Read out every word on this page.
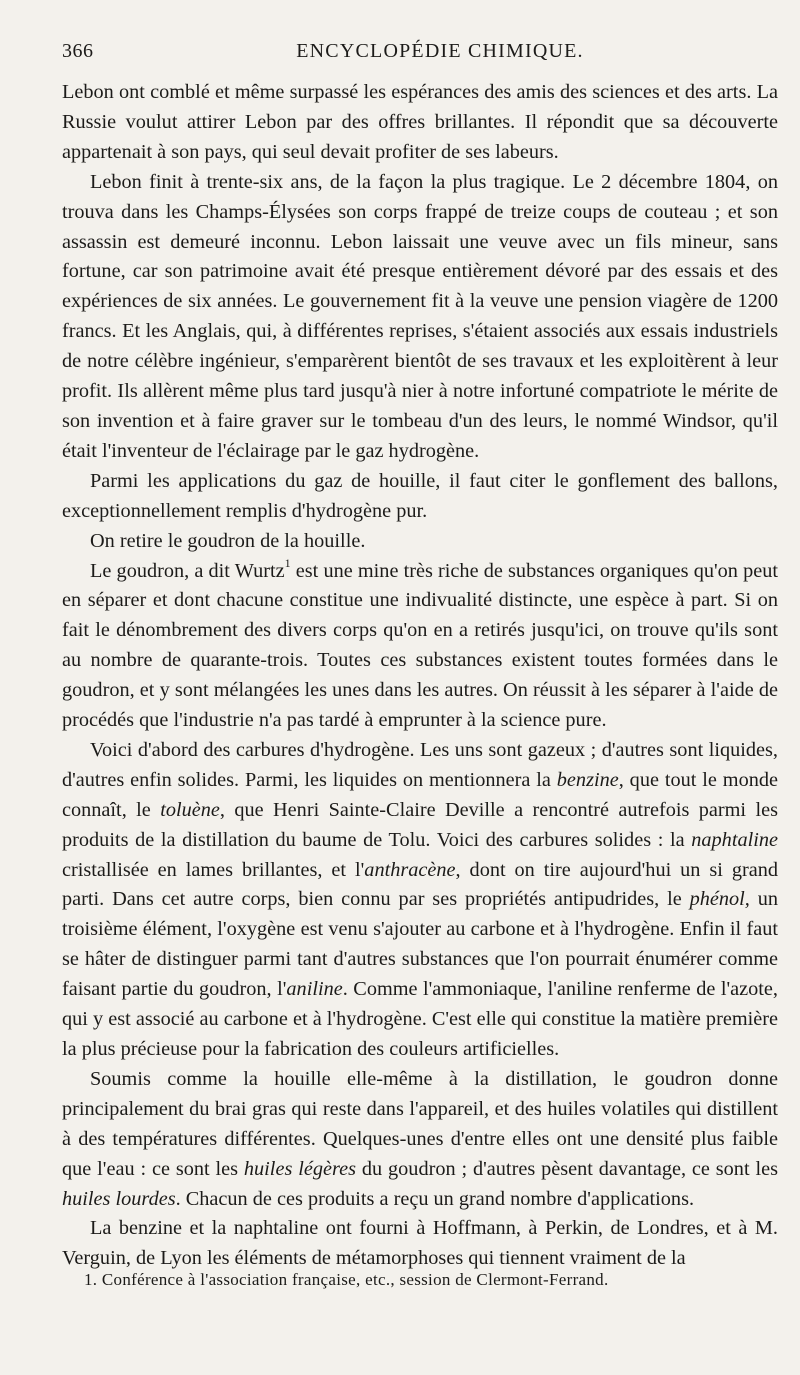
366	ENCYCLOPÉDIE CHIMIQUE.

Lebon ont comblé et même surpassé les espérances des amis des sciences et des arts. La Russie voulut attirer Lebon par des offres brillantes. Il répondit que sa découverte appartenait à son pays, qui seul devait profiter de ses labeurs.

Lebon finit à trente-six ans, de la façon la plus tragique. Le 2 décembre 1804, on trouva dans les Champs-Élysées son corps frappé de treize coups de couteau ; et son assassin est demeuré inconnu. Lebon laissait une veuve avec un fils mineur, sans fortune, car son patrimoine avait été presque entièrement dévoré par des essais et des expériences de six années. Le gouvernement fit à la veuve une pension viagère de 1200 francs. Et les Anglais, qui, à différentes reprises, s'étaient associés aux essais industriels de notre célèbre ingénieur, s'emparèrent bientôt de ses travaux et les exploitèrent à leur profit. Ils allèrent même plus tard jusqu'à nier à notre infortuné compatriote le mérite de son invention et à faire graver sur le tombeau d'un des leurs, le nommé Windsor, qu'il était l'inventeur de l'éclairage par le gaz hydrogène.

Parmi les applications du gaz de houille, il faut citer le gonflement des ballons, exceptionnellement remplis d'hydrogène pur.

On retire le goudron de la houille.

Le goudron, a dit Wurtz$^1$ est une mine très riche de substances organiques qu'on peut en séparer et dont chacune constitue une indivualité distincte, une espèce à part. Si on fait le dénombrement des divers corps qu'on en a retirés jusqu'ici, on trouve qu'ils sont au nombre de quarante-trois. Toutes ces substances existent toutes formées dans le goudron, et y sont mélangées les unes dans les autres. On réussit à les séparer à l'aide de procédés que l'industrie n'a pas tardé à emprunter à la science pure.

Voici d'abord des carbures d'hydrogène. Les uns sont gazeux ; d'autres sont liquides, d'autres enfin solides. Parmi, les liquides on mentionnera la benzine, que tout le monde connaît, le toluène, que Henri Sainte-Claire Deville a rencontré autrefois parmi les produits de la distillation du baume de Tolu. Voici des carbures solides : la naphtaline cristallisée en lames brillantes, et l'anthracène, dont on tire aujourd'hui un si grand parti. Dans cet autre corps, bien connu par ses propriétés antipudrides, le phénol, un troisième élément, l'oxygène est venu s'ajouter au carbone et à l'hydrogène. Enfin il faut se hâter de distinguer parmi tant d'autres substances que l'on pourrait énumérer comme faisant partie du goudron, l'aniline. Comme l'ammoniaque, l'aniline renferme de l'azote, qui y est associé au carbone et à l'hydrogène. C'est elle qui constitue la matière première la plus précieuse pour la fabrication des couleurs artificielles.

Soumis comme la houille elle-même à la distillation, le goudron donne principalement du brai gras qui reste dans l'appareil, et des huiles volatiles qui distillent à des températures différentes. Quelques-unes d'entre elles ont une densité plus faible que l'eau : ce sont les huiles légères du goudron ; d'autres pèsent davantage, ce sont les huiles lourdes. Chacun de ces produits a reçu un grand nombre d'applications.

La benzine et la naphtaline ont fourni à Hoffmann, à Perkin, de Londres, et à M. Verguin, de Lyon les éléments de métamorphoses qui tiennent vraiment de la

1. Conférence à l'association française, etc., session de Clermont-Ferrand.
